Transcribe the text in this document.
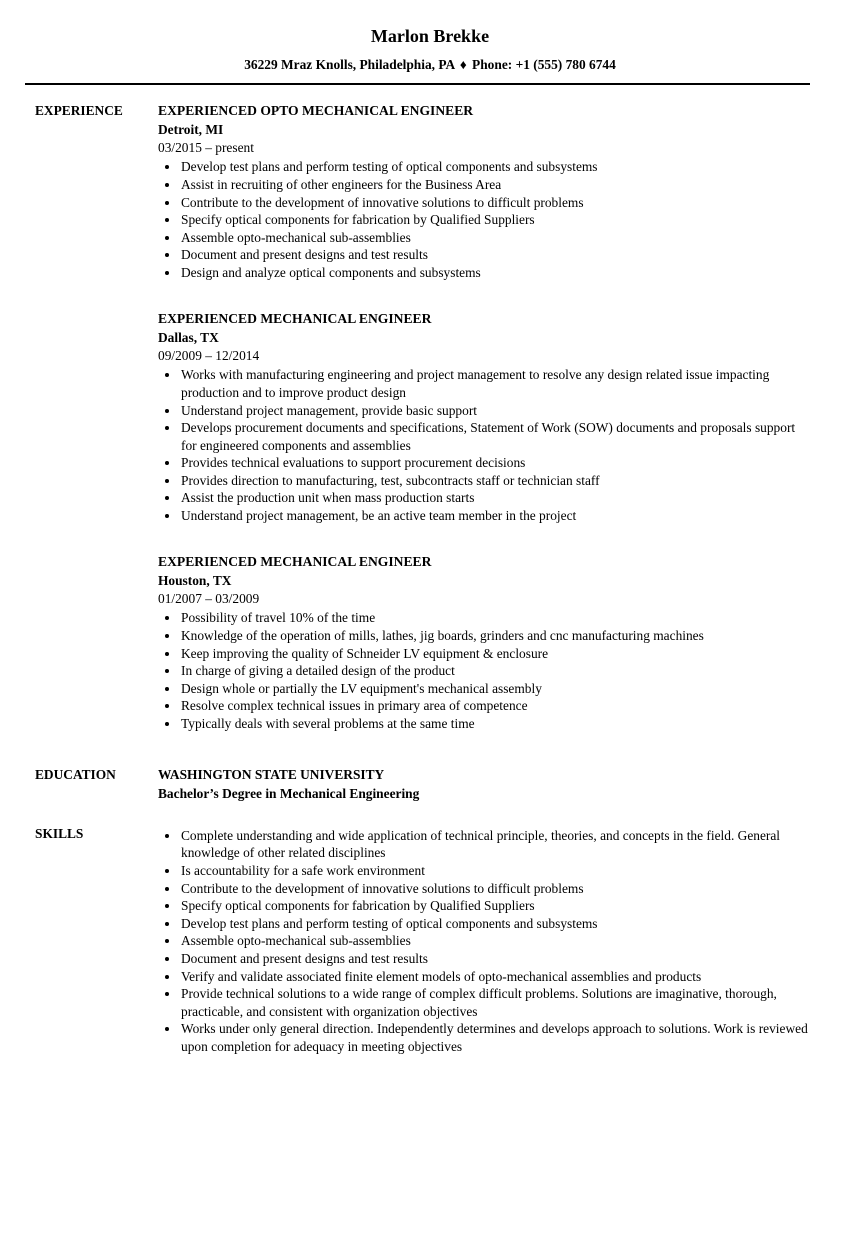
Marlon Brekke
36229 Mraz Knolls, Philadelphia, PA ♦ Phone: +1 (555) 780 6744
EXPERIENCE	EXPERIENCED OPTO MECHANICAL ENGINEER
Detroit, MI
03/2015 – present
• Develop test plans and perform testing of optical components and subsystems
• Assist in recruiting of other engineers for the Business Area
• Contribute to the development of innovative solutions to difficult problems
• Specify optical components for fabrication by Qualified Suppliers
• Assemble opto-mechanical sub-assemblies
• Document and present designs and test results
• Design and analyze optical components and subsystems
EXPERIENCED MECHANICAL ENGINEER
Dallas, TX
09/2009 – 12/2014
• Works with manufacturing engineering and project management to resolve any design related issue impacting production and to improve product design
• Understand project management, provide basic support
• Develops procurement documents and specifications, Statement of Work (SOW) documents and proposals support for engineered components and assemblies
• Provides technical evaluations to support procurement decisions
• Provides direction to manufacturing, test, subcontracts staff or technician staff
• Assist the production unit when mass production starts
• Understand project management, be an active team member in the project
EXPERIENCED MECHANICAL ENGINEER
Houston, TX
01/2007 – 03/2009
• Possibility of travel 10% of the time
• Knowledge of the operation of mills, lathes, jig boards, grinders and cnc manufacturing machines
• Keep improving the quality of Schneider LV equipment & enclosure
• In charge of giving a detailed design of the product
• Design whole or partially the LV equipment's mechanical assembly
• Resolve complex technical issues in primary area of competence
• Typically deals with several problems at the same time
EDUCATION	WASHINGTON STATE UNIVERSITY
Bachelor’s Degree in Mechanical Engineering
SKILLS	• Complete understanding and wide application of technical principle, theories, and concepts in the field. General knowledge of other related disciplines
• Is accountability for a safe work environment
• Contribute to the development of innovative solutions to difficult problems
• Specify optical components for fabrication by Qualified Suppliers
• Develop test plans and perform testing of optical components and subsystems
• Assemble opto-mechanical sub-assemblies
• Document and present designs and test results
• Verify and validate associated finite element models of opto-mechanical assemblies and products
• Provide technical solutions to a wide range of complex difficult problems. Solutions are imaginative, thorough, practicable, and consistent with organization objectives
• Works under only general direction. Independently determines and develops approach to solutions. Work is reviewed upon completion for adequacy in meeting objectives
